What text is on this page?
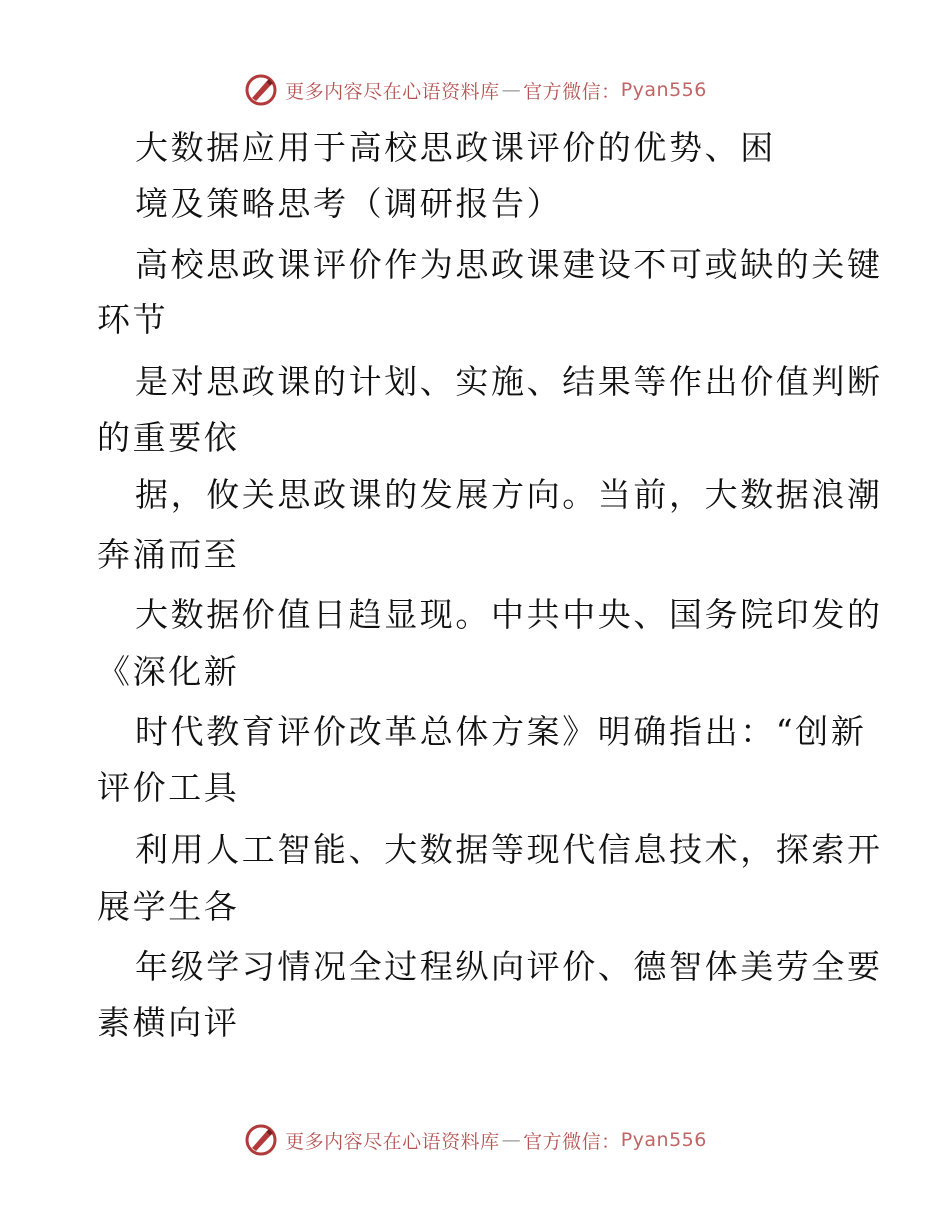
更多内容尽在心语资料库 — 官方微信： Pyan556
大数据应用于高校思政课评价的优势、困
境及策略思考（调研报告）
高校思政课评价作为思政课建设不可或缺的关键
环节
是对思政课的计划、实施、结果等作出价值判断
的重要依
据，攸关思政课的发展方向。当前，大数据浪潮
奔涌而至
大数据价值日趋显现。中共中央、国务院印发的
《深化新
时代教育评价改革总体方案》明确指出：“创新
评价工具
利用人工智能、大数据等现代信息技术，探索开
展学生各
年级学习情况全过程纵向评价、德智体美劳全要
素横向评
更多内容尽在心语资料库 — 官方微信： Pyan556
